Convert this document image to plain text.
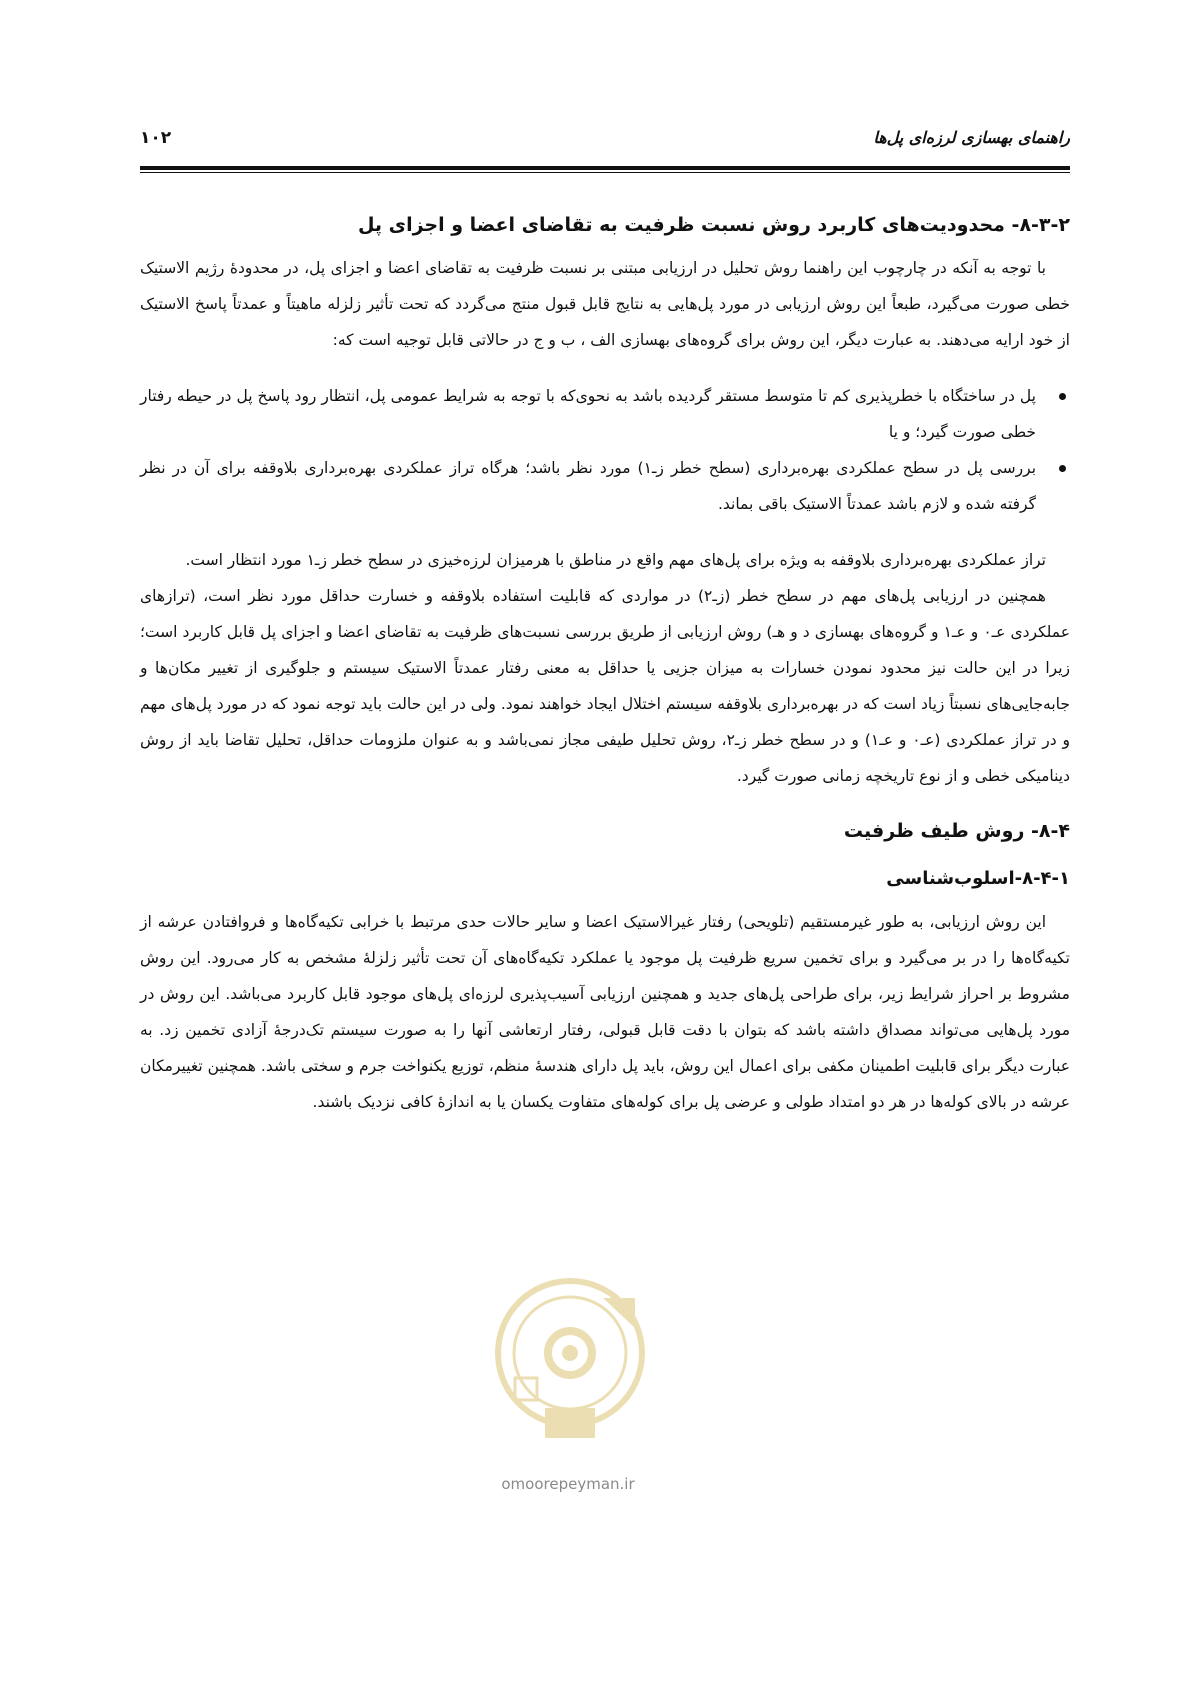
راهنمای بهسازی لرزه‌ای پل‌ها
۱۰۲
۸-۳-۲- محدودیت‌های کاربرد روش نسبت ظرفیت به تقاضای اعضا و اجزای پل

با توجه به آنکه در چارچوب این راهنما روش تحلیل در ارزیابی مبتنی بر نسبت ظرفیت به تقاضای اعضا و اجزای پل، در محدودهٔ رژیم الاستیک خطی صورت می‌گیرد، طبعاً این روش ارزیابی در مورد پل‌هایی به نتایج قابل قبول منتج می‌گردد که تحت تأثیر زلزله ماهیتاً و عمدتاً پاسخ الاستیک از خود ارایه می‌دهند. به عبارت دیگر، این روش برای گروه‌های بهسازی الف ، ب و ج در حالاتی قابل توجیه است که:

پل در ساختگاه با خطرپذیری کم تا متوسط مستقر گردیده باشد به نحوی‌که با توجه به شرایط عمومی پل، انتظار رود پاسخ پل در حیطه رفتار خطی صورت گیرد؛ و یا
بررسی پل در سطح عملکردی بهره‌برداری (سطح خطر زـ۱) مورد نظر باشد؛ هرگاه تراز عملکردی بهره‌برداری بلاوقفه برای آن در نظر گرفته شده و لازم باشد عمدتاً الاستیک باقی بماند.

تراز عملکردی بهره‌برداری بلاوقفه به ویژه برای پل‌های مهم واقع در مناطق با هرمیزان لرزه‌خیزی در سطح خطر زـ۱ مورد انتظار است.

همچنین در ارزیابی پل‌های مهم در سطح خطر (زـ۲) در مواردی که قابلیت استفاده بلاوقفه و خسارت حداقل مورد نظر است، (ترازهای عملکردی عـ۰ و عـ۱ و گروه‌های بهسازی د و هـ) روش ارزیابی از طریق بررسی نسبت‌های ظرفیت به تقاضای اعضا و اجزای پل قابل کاربرد است؛ زیرا در این حالت نیز محدود نمودن خسارات به میزان جزیی یا حداقل به معنی رفتار عمدتاً الاستیک سیستم و جلوگیری از تغییر مکان‌ها و جابه‌جایی‌های نسبتاً زیاد است که در بهره‌برداری بلاوقفه سیستم اختلال ایجاد خواهند نمود. ولی در این حالت باید توجه نمود که در مورد پل‌های مهم و در تراز عملکردی (عـ۰ و عـ۱) و در سطح خطر زـ۲، روش تحلیل طیفی مجاز نمی‌باشد و به عنوان ملزومات حداقل، تحلیل تقاضا باید از روش دینامیکی خطی و از نوع تاریخچه زمانی صورت گیرد.

۸-۴- روش طیف ظرفیت
۸-۴-۱-اسلوب‌شناسی

این روش ارزیابی، به طور غیرمستقیم (تلویحی) رفتار غیرالاستیک اعضا و سایر حالات حدی مرتبط با خرابی تکیه‌گاه‌ها و فروافتادن عرشه از تکیه‌گاه‌ها را در بر می‌گیرد و برای تخمین سریع ظرفیت پل موجود یا عملکرد تکیه‌گاه‌های آن تحت تأثیر زلزلهٔ مشخص به کار می‌رود. این روش مشروط بر احراز شرایط زیر، برای طراحی پل‌های جدید و همچنین ارزیابی آسیب‌پذیری لرزه‌ای پل‌های موجود قابل کاربرد می‌باشد. این روش در مورد پل‌هایی می‌تواند مصداق داشته باشد که بتوان با دقت قابل قبولی، رفتار ارتعاشی آنها را به صورت سیستم تک‌درجهٔ آزادی تخمین زد. به عبارت دیگر برای قابلیت اطمینان مکفی برای اعمال این روش، باید پل دارای هندسهٔ منظم، توزیع یکنواخت جرم و سختی باشد. همچنین تغییرمکان عرشه در بالای کوله‌ها در هر دو امتداد طولی و عرضی پل برای کوله‌های متفاوت یکسان یا به اندازهٔ کافی نزدیک باشند.

omoorepeyman.ir
